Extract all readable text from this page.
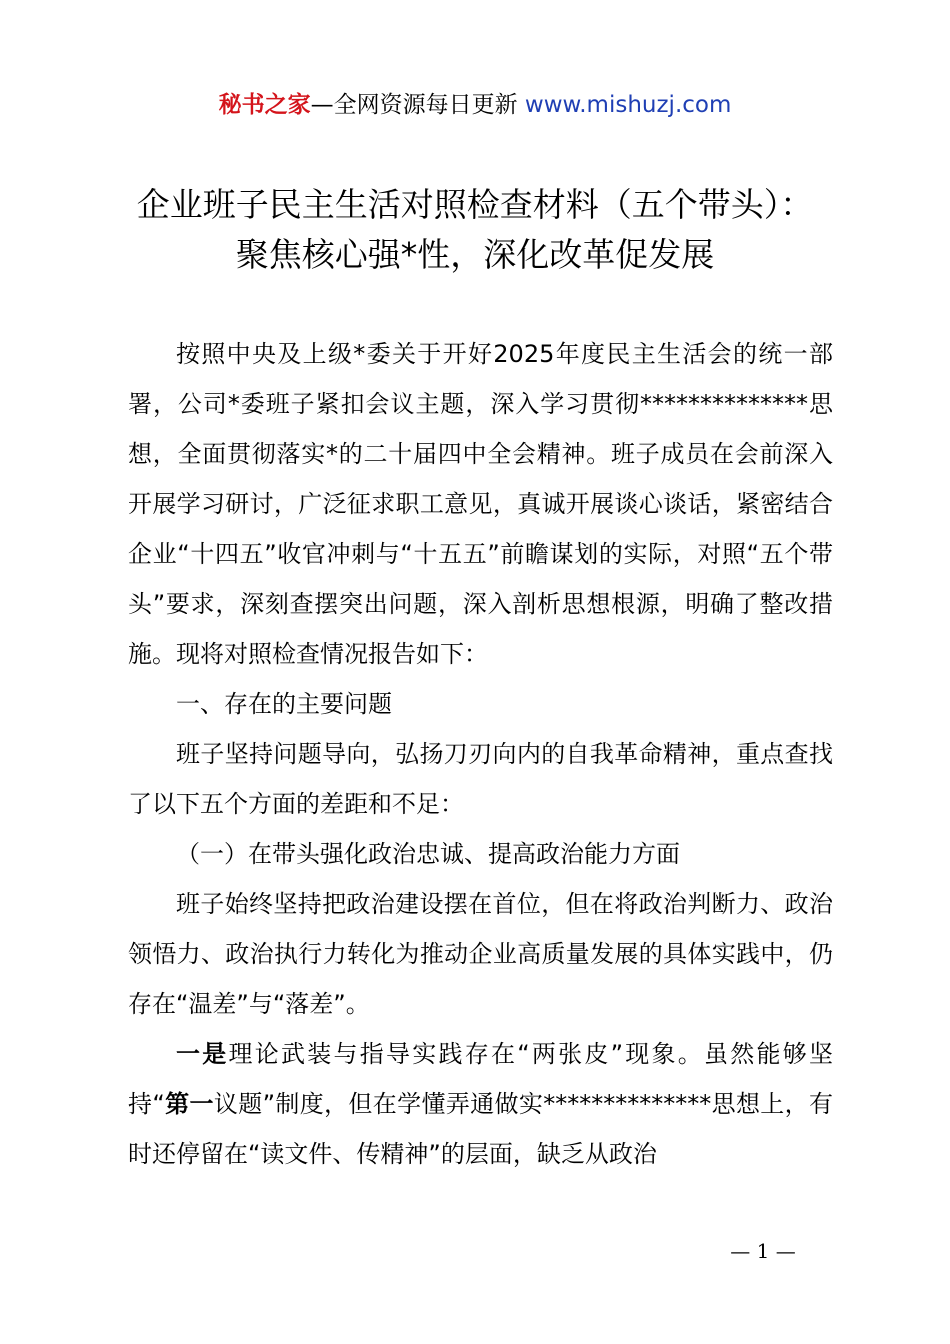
秘书之家—全网资源每日更新 www.mishuzj.com
企业班子民主生活对照检查材料（五个带头）：
聚焦核心强*性，深化改革促发展

按照中央及上级*委关于开好2025年度民主生活会的统一部署，公司*委班子紧扣会议主题，深入学习贯彻**************思想，全面贯彻落实*的二十届四中全会精神。班子成员在会前深入开展学习研讨，广泛征求职工意见，真诚开展谈心谈话，紧密结合企业“十四五”收官冲刺与“十五五”前瞻谋划的实际，对照“五个带头”要求，深刻查摆突出问题，深入剖析思想根源，明确了整改措施。现将对照检查情况报告如下：

一、存在的主要问题

班子坚持问题导向，弘扬刀刃向内的自我革命精神，重点查找了以下五个方面的差距和不足：

（一）在带头强化政治忠诚、提高政治能力方面

班子始终坚持把政治建设摆在首位，但在将政治判断力、政治领悟力、政治执行力转化为推动企业高质量发展的具体实践中，仍存在“温差”与“落差”。

一是理论武装与指导实践存在“两张皮”现象。虽然能够坚持“第一议题”制度，但在学懂弄通做实**************思想上，有时还停留在“读文件、传精神”的层面，缺乏从政治

— 1 —
